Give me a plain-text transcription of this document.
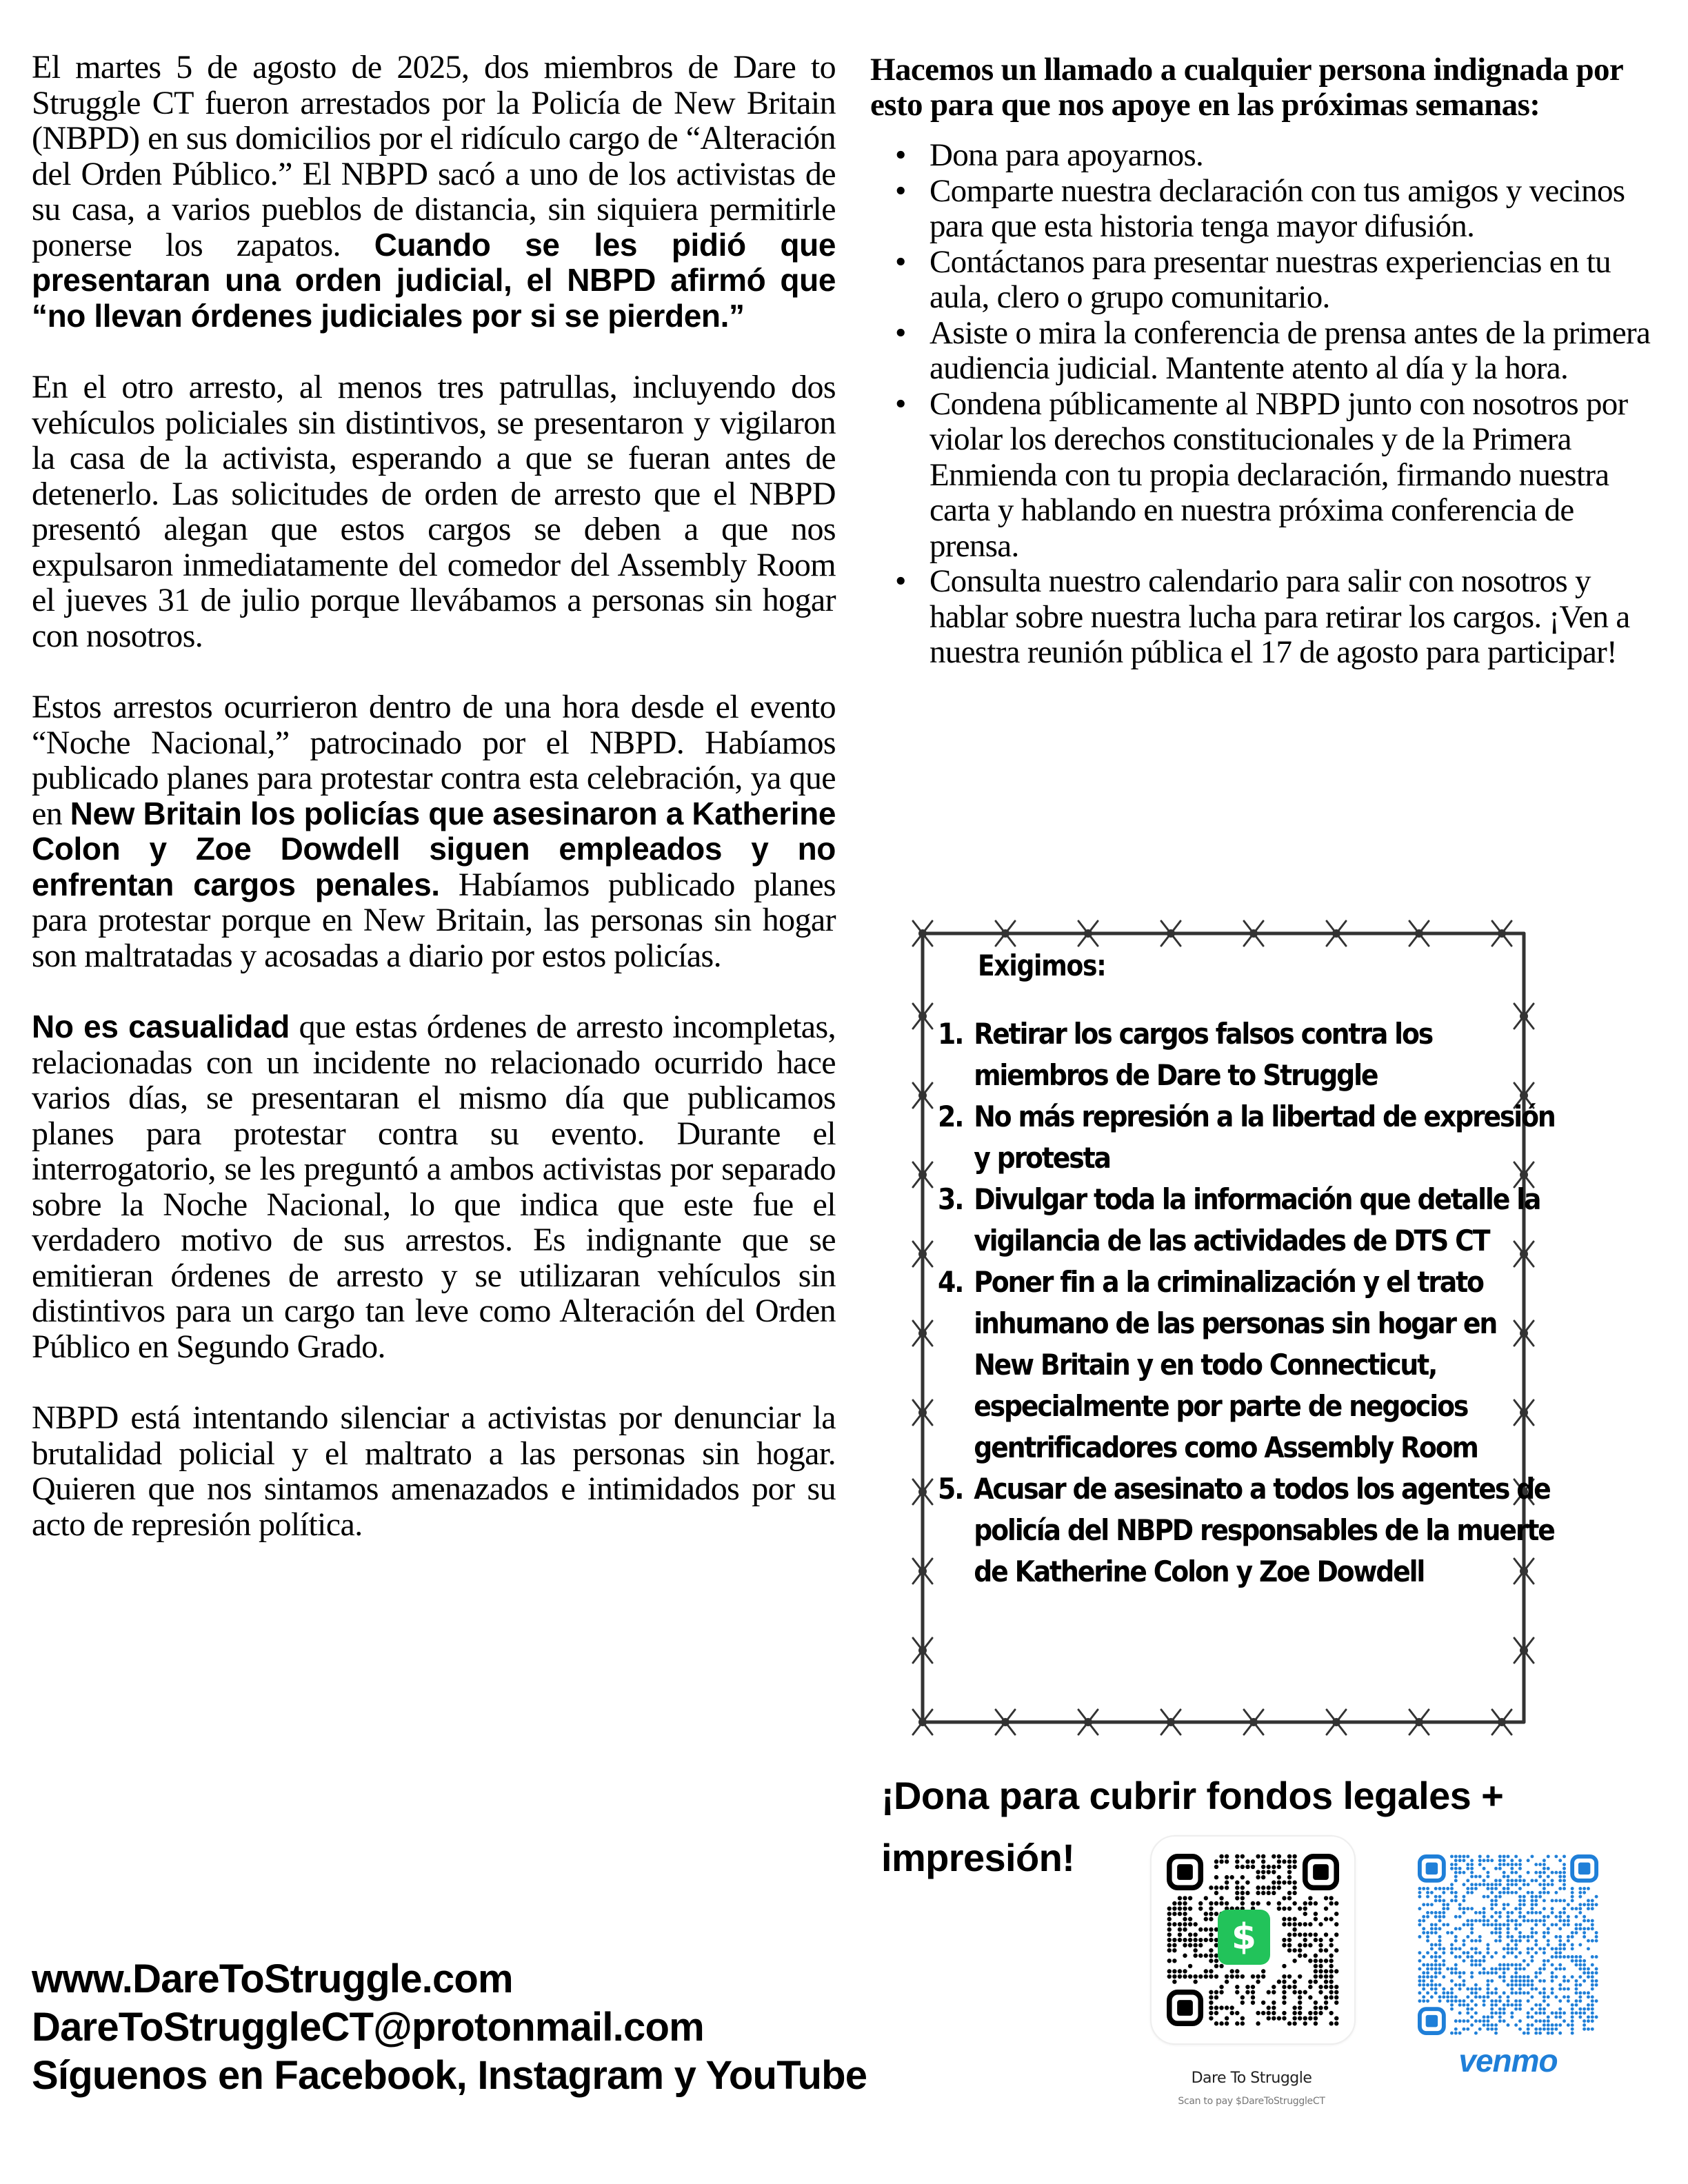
El martes 5 de agosto de 2025, dos miembros de Dare to Struggle CT fueron arrestados por la Policía de New Britain (NBPD) en sus domicilios por el ridículo cargo de “Alteración del Orden Público.” El NBPD sacó a uno de los activistas de su casa, a varios pueblos de distancia, sin siquiera permitirle ponerse los zapatos. Cuando se les pidió que presentaran una orden judicial, el NBPD afirmó que “no llevan órdenes judiciales por si se pierden.”

En el otro arresto, al menos tres patrullas, incluyendo dos vehículos policiales sin distintivos, se presentaron y vigilaron la casa de la activista, esperando a que se fueran antes de detenerlo. Las solicitudes de orden de arresto que el NBPD presentó alegan que estos cargos se deben a que nos expulsaron inmediatamente del comedor del Assembly Room el jueves 31 de julio porque llevábamos a personas sin hogar con nosotros.

Estos arrestos ocurrieron dentro de una hora desde el evento “Noche Nacional,” patrocinado por el NBPD. Habíamos publicado planes para protestar contra esta celebración, ya que en New Britain los policías que asesinaron a Katherine Colon y Zoe Dowdell siguen empleados y no enfrentan cargos penales. Habíamos publicado planes para protestar porque en New Britain, las personas sin hogar son maltratadas y acosadas a diario por estos policías.

No es casualidad que estas órdenes de arresto incompletas, relacionadas con un incidente no relacionado ocurrido hace varios días, se presentaran el mismo día que publicamos planes para protestar contra su evento. Durante el interrogatorio, se les preguntó a ambos activistas por separado sobre la Noche Nacional, lo que indica que este fue el verdadero motivo de sus arrestos. Es indignante que se emitieran órdenes de arresto y se utilizaran vehículos sin distintivos para un cargo tan leve como Alteración del Orden Público en Segundo Grado.

NBPD está intentando silenciar a activistas por denunciar la brutalidad policial y el maltrato a las personas sin hogar. Quieren que nos sintamos amenazados e intimidados por su acto de represión política.

www.DareToStruggle.com
DareToStruggleCT@protonmail.com
Síguenos en Facebook, Instagram y YouTube
Hacemos un llamado a cualquier persona indignada por esto para que nos apoye en las próximas semanas:
• Dona para apoyarnos.
• Comparte nuestra declaración con tus amigos y vecinos para que esta historia tenga mayor difusión.
• Contáctanos para presentar nuestras experiencias en tu aula, clero o grupo comunitario.
• Asiste o mira la conferencia de prensa antes de la primera audiencia judicial. Mantente atento al día y la hora.
• Condena públicamente al NBPD junto con nosotros por violar los derechos constitucionales y de la Primera Enmienda con tu propia declaración, firmando nuestra carta y hablando en nuestra próxima conferencia de prensa.
• Consulta nuestro calendario para salir con nosotros y hablar sobre nuestra lucha para retirar los cargos. ¡Ven a nuestra reunión pública el 17 de agosto para participar!
Exigimos:
1. Retirar los cargos falsos contra los miembros de Dare to Struggle
2. No más represión a la libertad de expresión y protesta
3. Divulgar toda la información que detalle la vigilancia de las actividades de DTS CT
4. Poner fin a la criminalización y el trato inhumano de las personas sin hogar en New Britain y en todo Connecticut, especialmente por parte de negocios gentrificadores como Assembly Room
5. Acusar de asesinato a todos los agentes de policía del NBPD responsables de la muerte de Katherine Colon y Zoe Dowdell
¡Dona para cubrir fondos legales + impresión!
$
Dare To Struggle
Scan to pay $DareToStruggleCT
venmo
